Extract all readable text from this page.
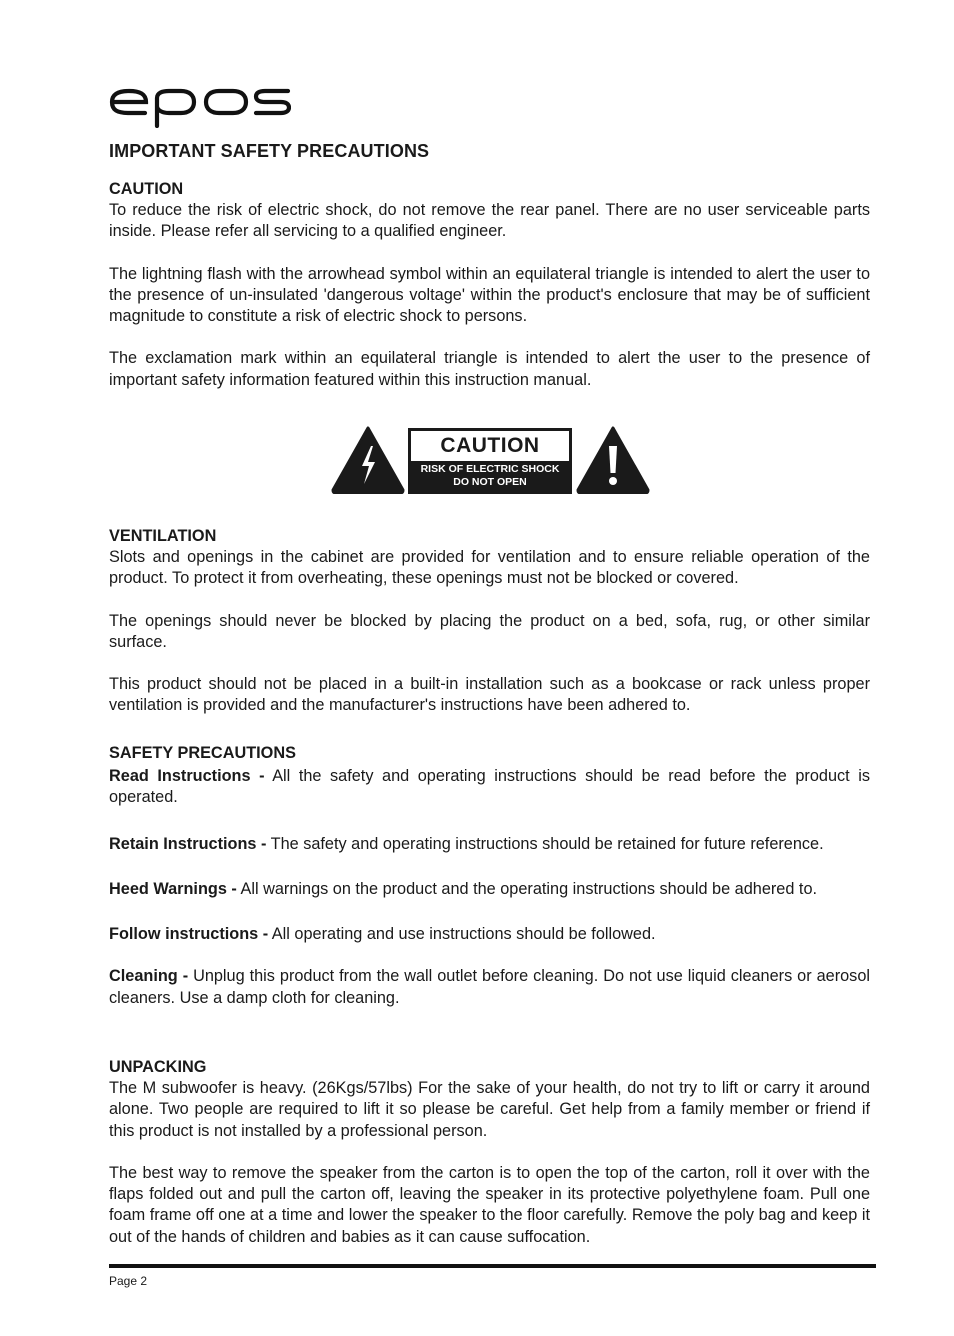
IMPORTANT SAFETY PRECAUTIONS
CAUTION

To reduce the risk of electric shock, do not remove the rear panel. There are no user serviceable parts inside. Please refer all servicing to a qualified engineer.

The lightning flash with the arrowhead symbol within an equilateral triangle is intended to alert the user to the presence of un-insulated 'dangerous voltage' within the product's enclosure that may be of sufficient magnitude to constitute a risk of electric shock to persons.

The exclamation mark within an equilateral triangle is intended to alert the user to the presence of important safety information featured within this instruction manual.

CAUTION
RISK OF ELECTRIC SHOCK
DO NOT OPEN
VENTILATION

Slots and openings in the cabinet are provided for ventilation and to ensure reliable operation of the product. To protect it from overheating, these openings must not be blocked or covered.

The openings should never be blocked by placing the product on a bed, sofa, rug, or other similar surface.

This product should not be placed in a built-in installation such as a bookcase or rack unless proper ventilation is provided and the manufacturer's instructions have been adhered to.

SAFETY PRECAUTIONS

Read Instructions - All the safety and operating instructions should be read before the product is operated.

Retain Instructions - The safety and operating instructions should be retained for future reference.

Heed Warnings - All warnings on the product and the operating instructions should be adhered to.

Follow instructions - All operating and use instructions should be followed.

Cleaning - Unplug this product from the wall outlet before cleaning. Do not use liquid cleaners or aerosol cleaners. Use a damp cloth for cleaning.

UNPACKING

The M subwoofer is heavy. (26Kgs/57lbs) For the sake of your health, do not try to lift or carry it around alone. Two people are required to lift it so please be careful. Get help from a family member or friend if this product is not installed by a professional person.

The best way to remove the speaker from the carton is to open the top of the carton, roll it over with the flaps folded out and pull the carton off, leaving the speaker in its protective polyethylene foam. Pull one foam frame off one at a time and lower the speaker to the floor carefully. Remove the poly bag and keep it out of the hands of children and babies as it can cause suffocation.

Page 2
